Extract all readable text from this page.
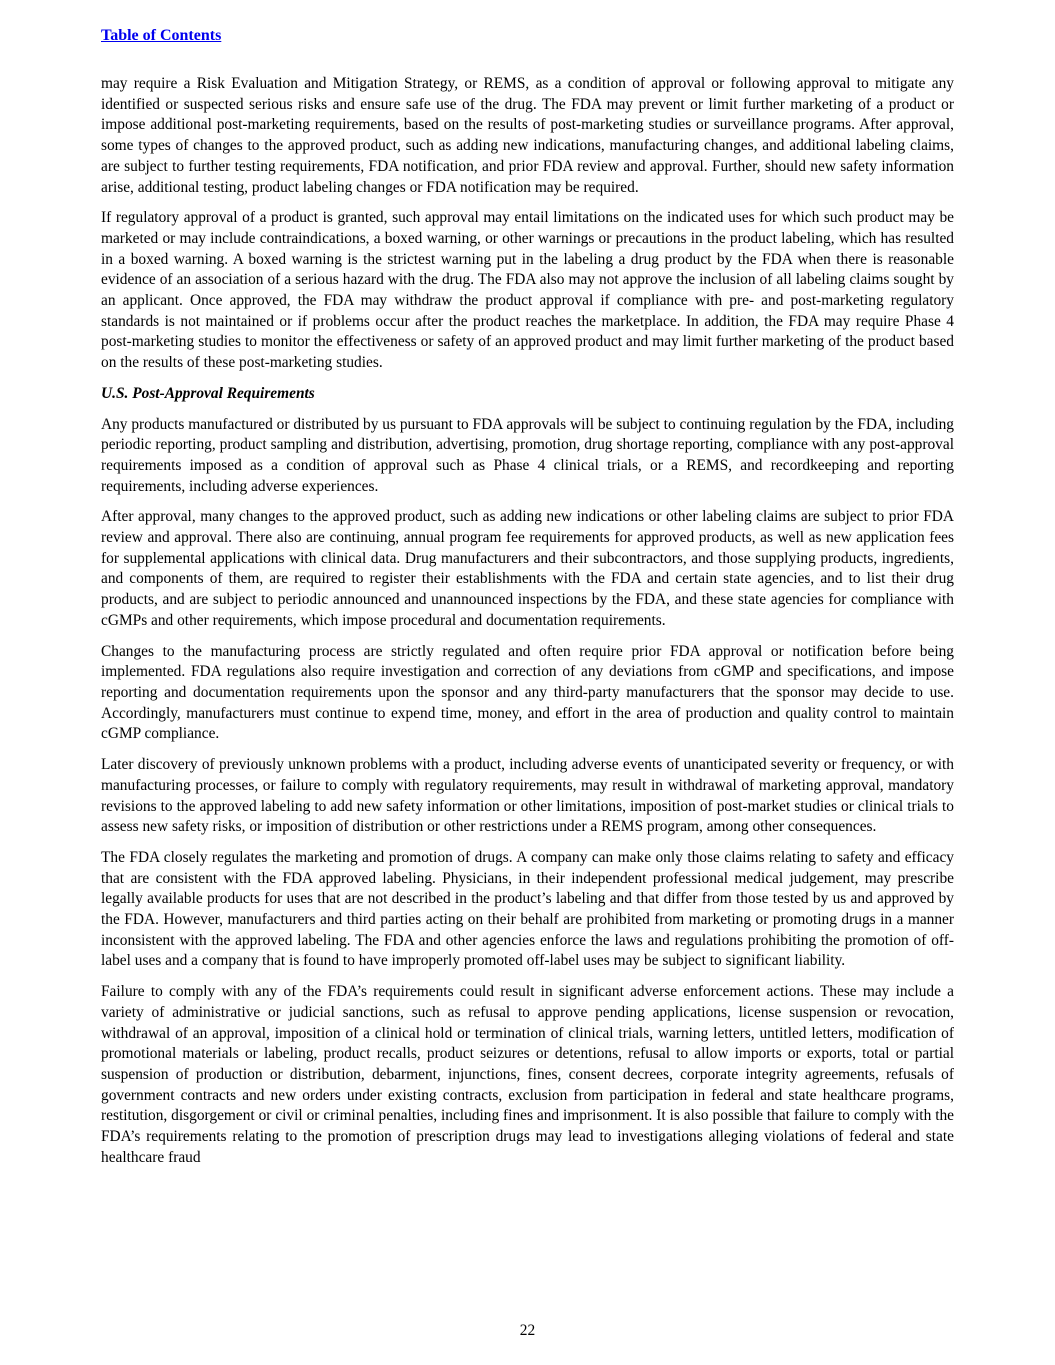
Table of Contents

may require a Risk Evaluation and Mitigation Strategy, or REMS, as a condition of approval or following approval to mitigate any identified or suspected serious risks and ensure safe use of the drug. The FDA may prevent or limit further marketing of a product or impose additional post-marketing requirements, based on the results of post-marketing studies or surveillance programs. After approval, some types of changes to the approved product, such as adding new indications, manufacturing changes, and additional labeling claims, are subject to further testing requirements, FDA notification, and prior FDA review and approval. Further, should new safety information arise, additional testing, product labeling changes or FDA notification may be required.

If regulatory approval of a product is granted, such approval may entail limitations on the indicated uses for which such product may be marketed or may include contraindications, a boxed warning, or other warnings or precautions in the product labeling, which has resulted in a boxed warning. A boxed warning is the strictest warning put in the labeling a drug product by the FDA when there is reasonable evidence of an association of a serious hazard with the drug. The FDA also may not approve the inclusion of all labeling claims sought by an applicant. Once approved, the FDA may withdraw the product approval if compliance with pre- and post-marketing regulatory standards is not maintained or if problems occur after the product reaches the marketplace. In addition, the FDA may require Phase 4 post-marketing studies to monitor the effectiveness or safety of an approved product and may limit further marketing of the product based on the results of these post-marketing studies.

U.S. Post-Approval Requirements

Any products manufactured or distributed by us pursuant to FDA approvals will be subject to continuing regulation by the FDA, including periodic reporting, product sampling and distribution, advertising, promotion, drug shortage reporting, compliance with any post-approval requirements imposed as a condition of approval such as Phase 4 clinical trials, or a REMS, and recordkeeping and reporting requirements, including adverse experiences.

After approval, many changes to the approved product, such as adding new indications or other labeling claims are subject to prior FDA review and approval. There also are continuing, annual program fee requirements for approved products, as well as new application fees for supplemental applications with clinical data. Drug manufacturers and their subcontractors, and those supplying products, ingredients, and components of them, are required to register their establishments with the FDA and certain state agencies, and to list their drug products, and are subject to periodic announced and unannounced inspections by the FDA, and these state agencies for compliance with cGMPs and other requirements, which impose procedural and documentation requirements.

Changes to the manufacturing process are strictly regulated and often require prior FDA approval or notification before being implemented. FDA regulations also require investigation and correction of any deviations from cGMP and specifications, and impose reporting and documentation requirements upon the sponsor and any third-party manufacturers that the sponsor may decide to use. Accordingly, manufacturers must continue to expend time, money, and effort in the area of production and quality control to maintain cGMP compliance.

Later discovery of previously unknown problems with a product, including adverse events of unanticipated severity or frequency, or with manufacturing processes, or failure to comply with regulatory requirements, may result in withdrawal of marketing approval, mandatory revisions to the approved labeling to add new safety information or other limitations, imposition of post-market studies or clinical trials to assess new safety risks, or imposition of distribution or other restrictions under a REMS program, among other consequences.

The FDA closely regulates the marketing and promotion of drugs. A company can make only those claims relating to safety and efficacy that are consistent with the FDA approved labeling. Physicians, in their independent professional medical judgement, may prescribe legally available products for uses that are not described in the product’s labeling and that differ from those tested by us and approved by the FDA. However, manufacturers and third parties acting on their behalf are prohibited from marketing or promoting drugs in a manner inconsistent with the approved labeling. The FDA and other agencies enforce the laws and regulations prohibiting the promotion of off-label uses and a company that is found to have improperly promoted off-label uses may be subject to significant liability.

Failure to comply with any of the FDA’s requirements could result in significant adverse enforcement actions. These may include a variety of administrative or judicial sanctions, such as refusal to approve pending applications, license suspension or revocation, withdrawal of an approval, imposition of a clinical hold or termination of clinical trials, warning letters, untitled letters, modification of promotional materials or labeling, product recalls, product seizures or detentions, refusal to allow imports or exports, total or partial suspension of production or distribution, debarment, injunctions, fines, consent decrees, corporate integrity agreements, refusals of government contracts and new orders under existing contracts, exclusion from participation in federal and state healthcare programs, restitution, disgorgement or civil or criminal penalties, including fines and imprisonment. It is also possible that failure to comply with the FDA’s requirements relating to the promotion of prescription drugs may lead to investigations alleging violations of federal and state healthcare fraud

22
